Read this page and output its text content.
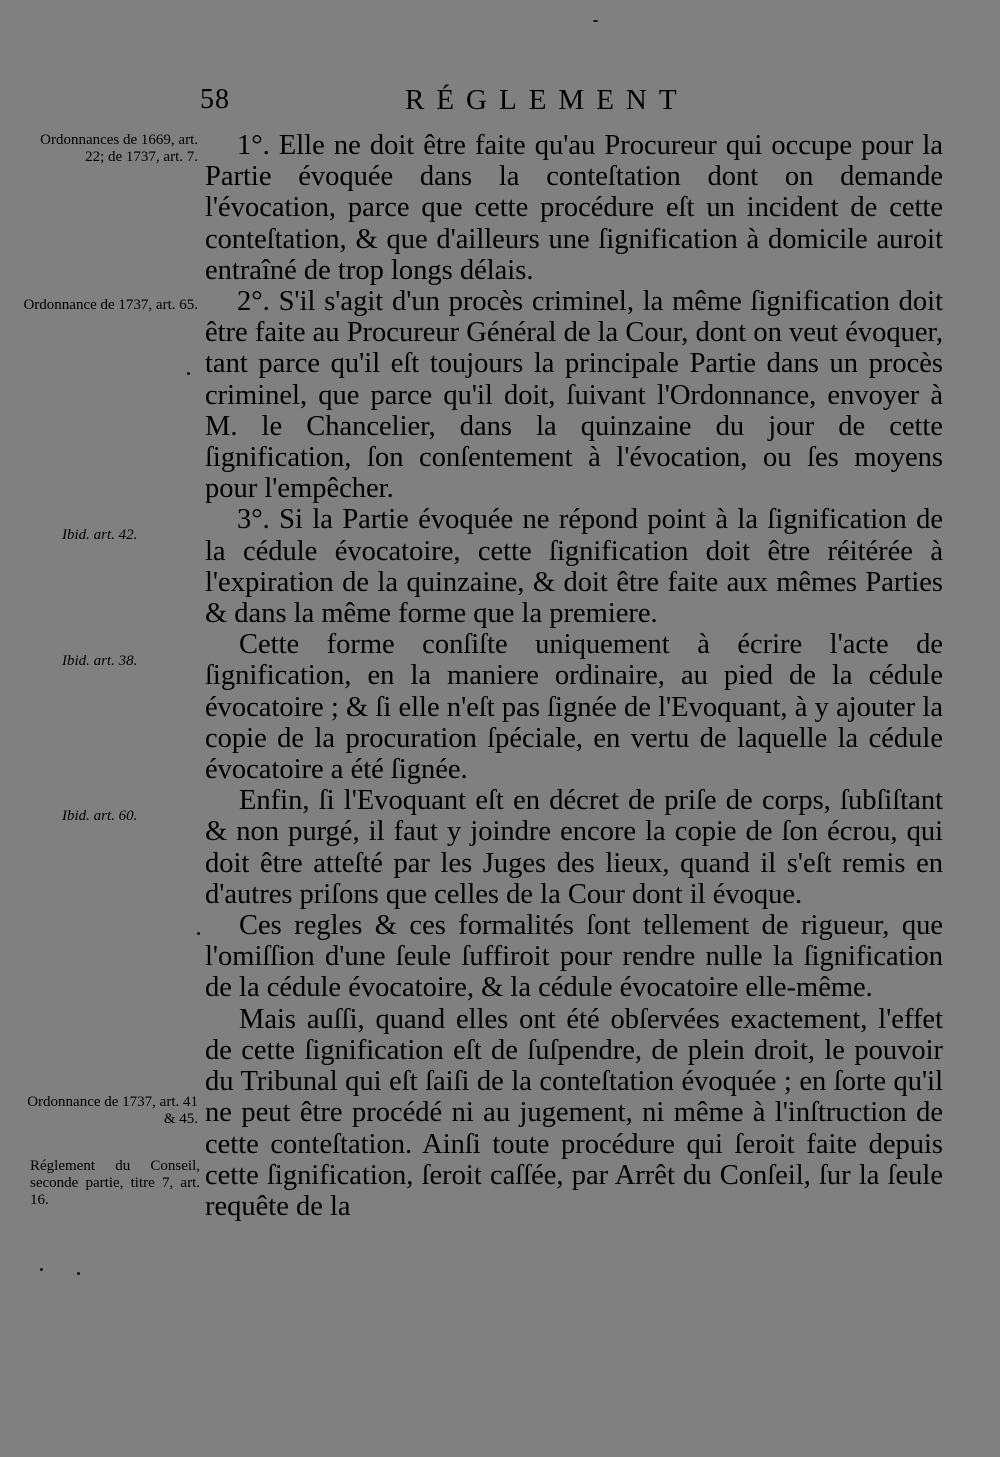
58	RÉGLEMENT
Ordonnances de 1669, art. 22; de 1737, art. 7.
Ordonnance de 1737, art. 65.
Ibid. art. 42.
Ibid. art. 38.
Ibid. art. 60.
Ordonnance de 1737, art. 41 & 45.
Réglement du Conseil, seconde partie, titre 7, art. 16.

1°. Elle ne doit être faite qu'au Procureur qui occupe pour la Partie évoquée dans la conteſtation dont on demande l'évocation, parce que cette procédure eſt un incident de cette conteſtation, & que d'ailleurs une ſignification à domicile auroit entraîné de trop longs délais.

2°. S'il s'agit d'un procès criminel, la même ſignification doit être faite au Procureur Général de la Cour, dont on veut évoquer, tant parce qu'il eſt toujours la principale Partie dans un procès criminel, que parce qu'il doit, ſuivant l'Ordonnance, envoyer à M. le Chancelier, dans la quinzaine du jour de cette ſignification, ſon conſentement à l'évocation, ou ſes moyens pour l'empêcher.

3°. Si la Partie évoquée ne répond point à la ſignification de la cédule évocatoire, cette ſignification doit être réitérée à l'expiration de la quinzaine, & doit être faite aux mêmes Parties & dans la même forme que la premiere.

Cette forme conſiſte uniquement à écrire l'acte de ſignification, en la maniere ordinaire, au pied de la cédule évocatoire ; & ſi elle n'eſt pas ſignée de l'Evoquant, à y ajouter la copie de la procuration ſpéciale, en vertu de laquelle la cédule évocatoire a été ſignée.

Enfin, ſi l'Evoquant eſt en décret de priſe de corps, ſubſiſtant & non purgé, il faut y joindre encore la copie de ſon écrou, qui doit être atteſté par les Juges des lieux, quand il s'eſt remis en d'autres priſons que celles de la Cour dont il évoque.

Ces regles & ces formalités ſont tellement de rigueur, que l'omiſſion d'une ſeule ſuffiroit pour rendre nulle la ſignification de la cédule évocatoire, & la cédule évocatoire elle-même.

Mais auſſi, quand elles ont été obſervées exactement, l'effet de cette ſignification eſt de ſuſpendre, de plein droit, le pouvoir du Tribunal qui eſt ſaiſi de la conteſtation évoquée ; en ſorte qu'il ne peut être procédé ni au jugement, ni même à l'inſtruction de cette conteſtation. Ainſi toute procédure qui ſeroit faite depuis cette ſignification, ſeroit caſſée, par Arrêt du Conſeil, ſur la ſeule requête de la
